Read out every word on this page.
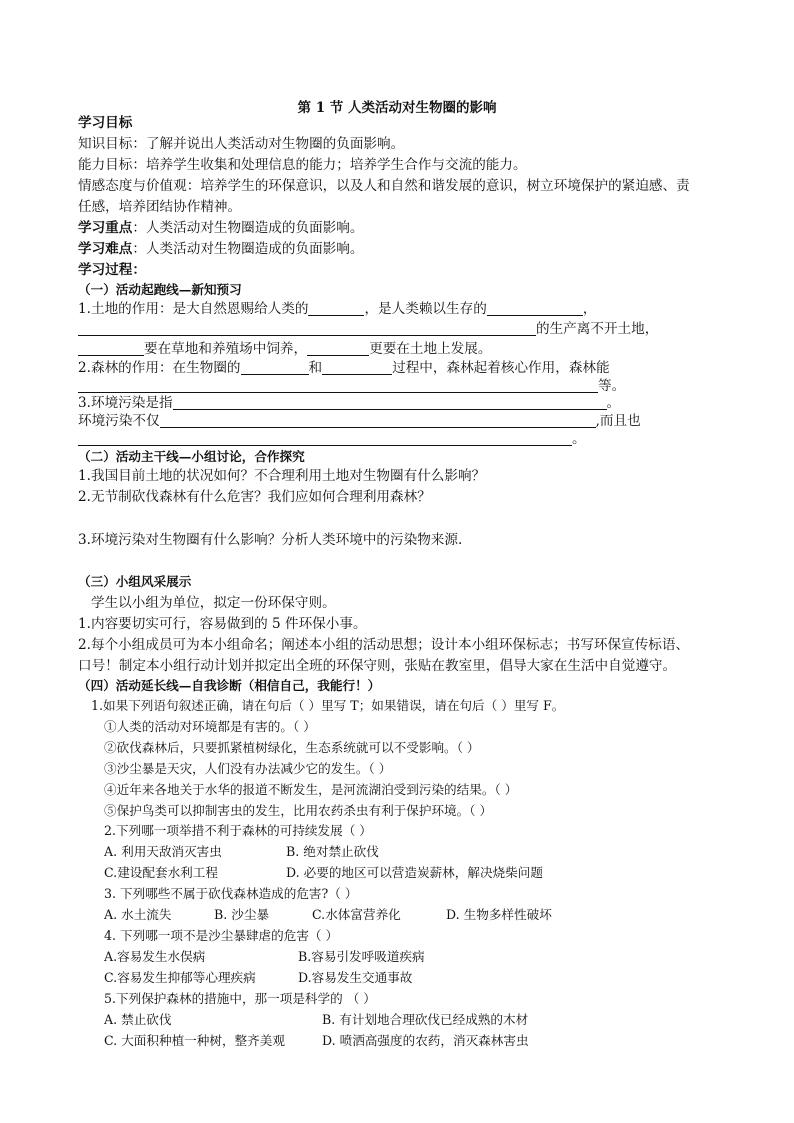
第 1 节 人类活动对生物圈的影响
学习目标
知识目标：了解并说出人类活动对生物圈的负面影响。
能力目标：培养学生收集和处理信息的能力；培养学生合作与交流的能力。
情感态度与价值观：培养学生的环保意识，以及人和自然和谐发展的意识，树立环境保护的紧迫感、责
任感，培养团结协作精神。
学习重点：人类活动对生物圈造成的负面影响。
学习难点：人类活动对生物圈造成的负面影响。
学习过程：
（一）活动起跑线—新知预习
1.土地的作用：是大自然恩赐给人类的	，是人类赖以生存的	，
的生产离不开土地，
要在草地和养殖场中饲养，	更要在土地上发展。
2.森林的作用：在生物圈的	和	过程中，森林起着核心作用，森林能
等。
3.环境污染是指	。
环境污染不仅	,而且也
。
（二）活动主干线—小组讨论，合作探究
1.我国目前土地的状况如何？不合理利用土地对生物圈有什么影响？
2.无节制砍伐森林有什么危害？我们应如何合理利用森林？
3.环境污染对生物圈有什么影响？分析人类环境中的污染物来源.
（三）小组风采展示
学生以小组为单位，拟定一份环保守则。
1.内容要切实可行，容易做到的 5 件环保小事。
2.每个小组成员可为本小组命名；阐述本小组的活动思想；设计本小组环保标志；书写环保宣传标语、
口号！制定本小组行动计划并拟定出全班的环保守则，张贴在教室里，倡导大家在生活中自觉遵守。
（四）活动延长线—自我诊断（相信自己，我能行！）
1.如果下列语句叙述正确，请在句后（ ）里写 T；如果错误，请在句后（ ）里写 F。
①人类的活动对环境都是有害的。（ ）
②砍伐森林后，只要抓紧植树绿化，生态系统就可以不受影响。（ ）
③沙尘暴是天灾，人们没有办法减少它的发生。（ ）
④近年来各地关于水华的报道不断发生，是河流湖泊受到污染的结果。（ ）
⑤保护鸟类可以抑制害虫的发生，比用农药杀虫有利于保护环境。（ ）
2.下列哪一项举措不利于森林的可持续发展（ ）
A. 利用天敌消灭害虫	B. 绝对禁止砍伐
C.建设配套水利工程	D. 必要的地区可以营造炭薪林，解决烧柴问题
3. 下列哪些不属于砍伐森林造成的危害?（ ）
A. 水土流失	B. 沙尘暴	C.水体富营养化	D. 生物多样性破坏
4. 下列哪一项不是沙尘暴肆虐的危害（ ）
A.容易发生水俣病	B.容易引发呼吸道疾病
C.容易发生抑郁等心理疾病	D.容易发生交通事故
5.下列保护森林的措施中，那一项是科学的 （ ）
A. 禁止砍伐	B. 有计划地合理砍伐已经成熟的木材
C. 大面积种植一种树，整齐美观	D. 喷洒高强度的农药，消灭森林害虫
